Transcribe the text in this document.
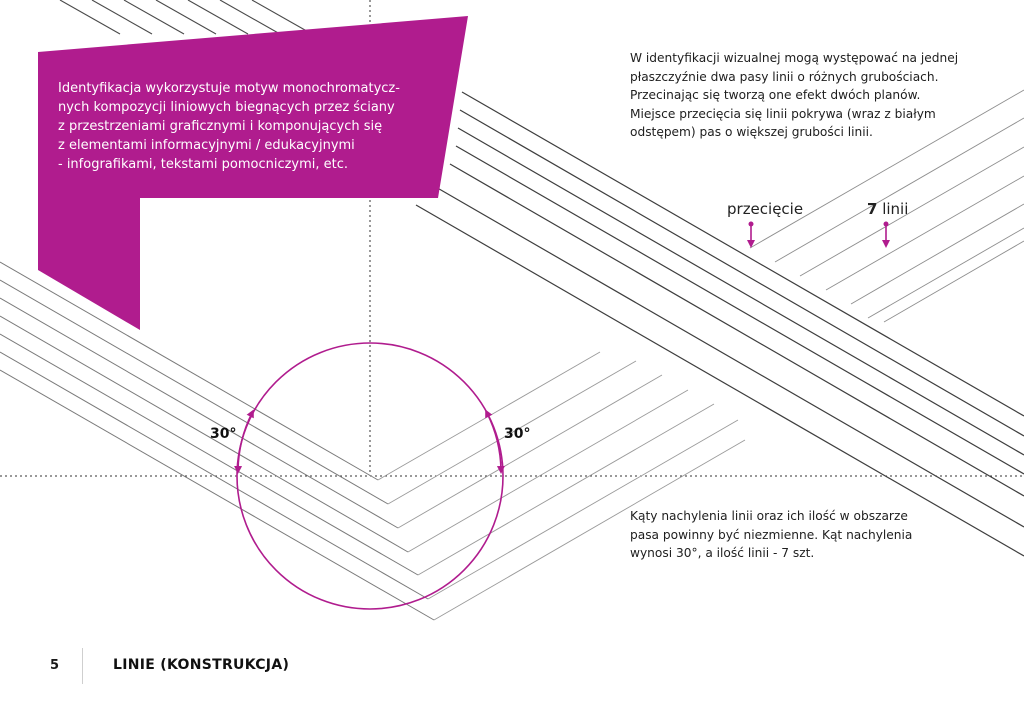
Identyfikacja wykorzystuje motyw monochromatycz-
nych kompozycji liniowych biegnących przez ściany
z przestrzeniami graficznymi i komponujących się
z elementami informacyjnymi / edukacyjnymi
- infografikami, tekstami pomocniczymi, etc.
W identyfikacji wizualnej mogą występować na jednej
płaszczyźnie dwa pasy linii o różnych grubościach.
Przecinając się tworzą one efekt dwóch planów.
Miejsce przecięcia się linii pokrywa (wraz z białym
odstępem) pas o większej grubości linii.
przecięcie	7 linii
30°	30°
Kąty nachylenia linii oraz ich ilość w obszarze
pasa powinny być niezmienne. Kąt nachylenia
wynosi 30°, a ilość linii - 7 szt.
5	LINIE (KONSTRUKCJA)
